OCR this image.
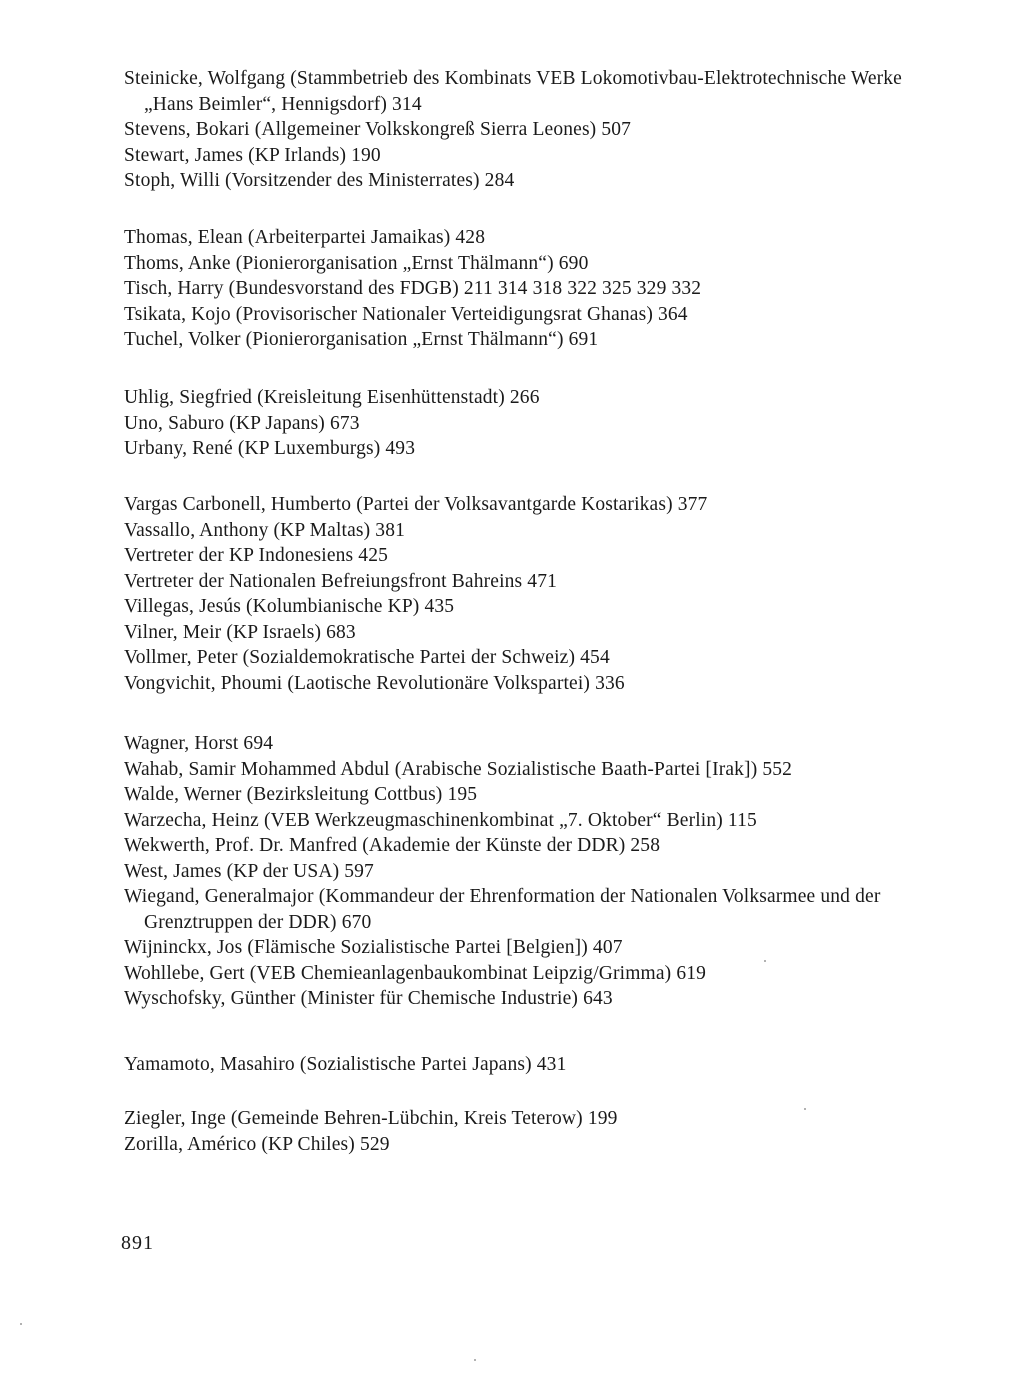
Steinicke, Wolfgang (Stammbetrieb des Kombinats VEB Lokomotivbau-Elektrotechnische Werke „Hans Beimler“, Hennigsdorf) 314
Stevens, Bokari (Allgemeiner Volkskongreß Sierra Leones) 507
Stewart, James (KP Irlands) 190
Stoph, Willi (Vorsitzender des Ministerrates) 284
Thomas, Elean (Arbeiterpartei Jamaikas) 428
Thoms, Anke (Pionierorganisation „Ernst Thälmann“) 690
Tisch, Harry (Bundesvorstand des FDGB) 211 314 318 322 325 329 332
Tsikata, Kojo (Provisorischer Nationaler Verteidigungsrat Ghanas) 364
Tuchel, Volker (Pionierorganisation „Ernst Thälmann“) 691
Uhlig, Siegfried (Kreisleitung Eisenhüttenstadt) 266
Uno, Saburo (KP Japans) 673
Urbany, René (KP Luxemburgs) 493
Vargas Carbonell, Humberto (Partei der Volksavantgarde Kostarikas) 377
Vassallo, Anthony (KP Maltas) 381
Vertreter der KP Indonesiens 425
Vertreter der Nationalen Befreiungsfront Bahreins 471
Villegas, Jesús (Kolumbianische KP) 435
Vilner, Meir (KP Israels) 683
Vollmer, Peter (Sozialdemokratische Partei der Schweiz) 454
Vongvichit, Phoumi (Laotische Revolutionäre Volkspartei) 336
Wagner, Horst 694
Wahab, Samir Mohammed Abdul (Arabische Sozialistische Baath-Partei [Irak]) 552
Walde, Werner (Bezirksleitung Cottbus) 195
Warzecha, Heinz (VEB Werkzeugmaschinenkombinat „7. Oktober“ Berlin) 115
Wekwerth, Prof. Dr. Manfred (Akademie der Künste der DDR) 258
West, James (KP der USA) 597
Wiegand, Generalmajor (Kommandeur der Ehrenformation der Nationalen Volksarmee und der Grenztruppen der DDR) 670
Wijninckx, Jos (Flämische Sozialistische Partei [Belgien]) 407
Wohllebe, Gert (VEB Chemieanlagenbaukombinat Leipzig/Grimma) 619
Wyschofsky, Günther (Minister für Chemische Industrie) 643
Yamamoto, Masahiro (Sozialistische Partei Japans) 431
Ziegler, Inge (Gemeinde Behren-Lübchin, Kreis Teterow) 199
Zorilla, Américo (KP Chiles) 529
891
